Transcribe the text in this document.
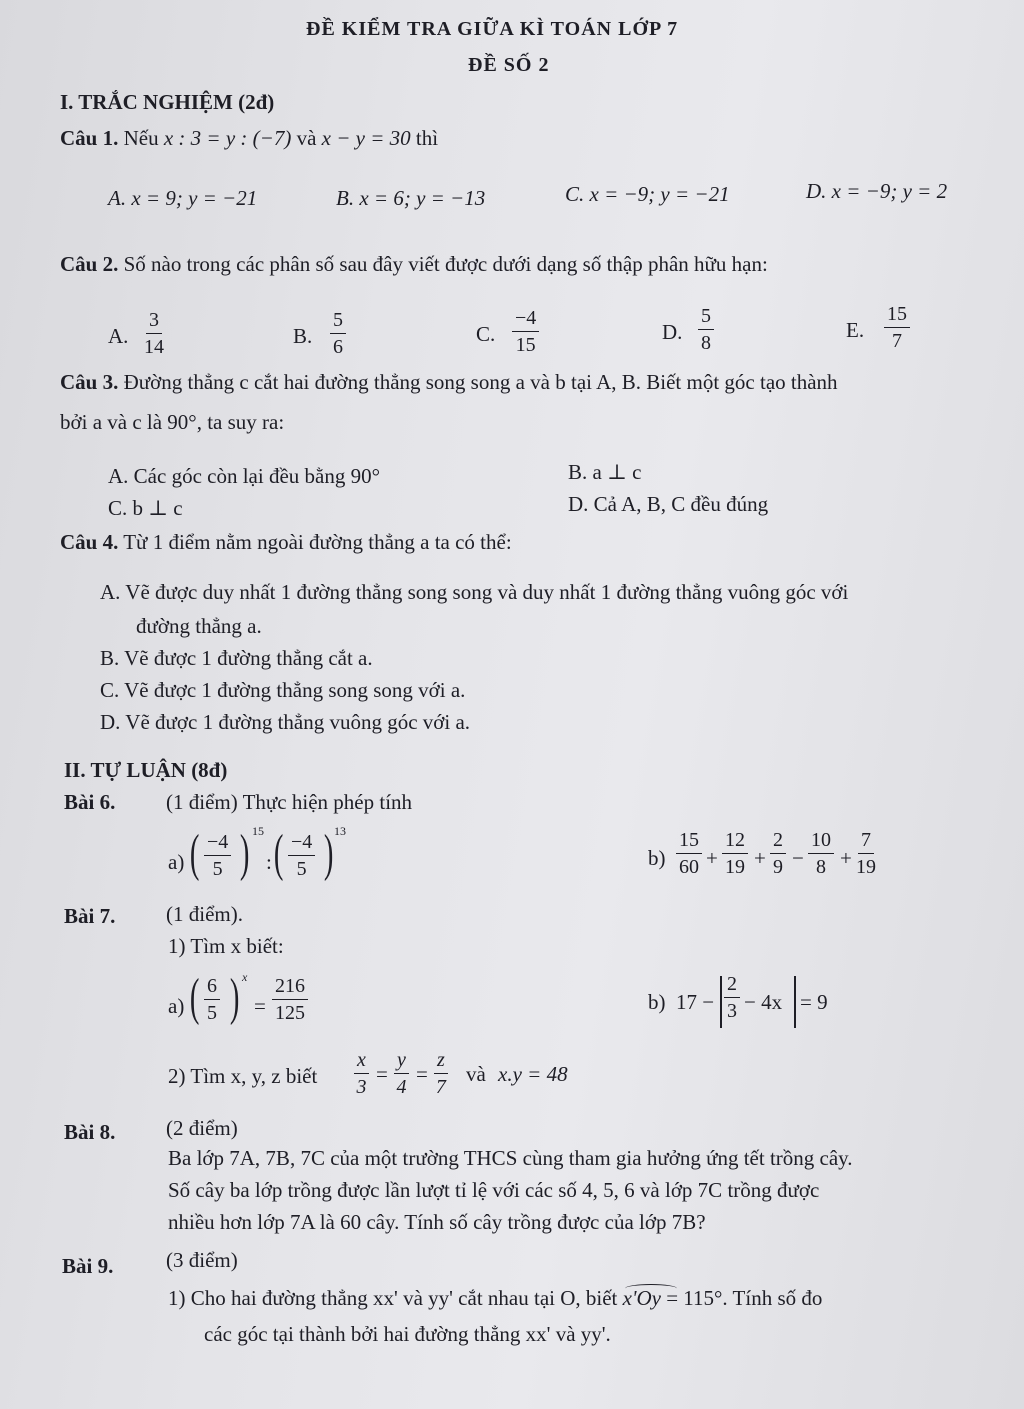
ĐỀ KIỂM TRA GIỮA KÌ TOÁN LỚP 7
ĐỀ SỐ 2
I. TRẮC NGHIỆM (2đ)
Câu 1. Nếu x : 3 = y : (−7) và x − y = 30 thì
A. x = 9; y = −21	B. x = 6; y = −13	C. x = −9; y = −21	D. x = −9; y = 2
Câu 2. Số nào trong các phân số sau đây viết được dưới dạng số thập phân hữu hạn:
A. $\frac{3}{14}$	B. $\frac{5}{6}$	C. $\frac{-4}{15}$	D. $\frac{5}{8}$	E. $\frac{15}{7}$
Câu 3. Đường thẳng c cắt hai đường thẳng song song a và b tại A, B. Biết một góc tạo thành
bởi a và c là 90°, ta suy ra:
A. Các góc còn lại đều bằng 90°	B. a ⊥ c
C. b ⊥ c	D. Cả A, B, C đều đúng
Câu 4. Từ 1 điểm nằm ngoài đường thẳng a ta có thể:
A. Vẽ được duy nhất 1 đường thẳng song song và duy nhất 1 đường thẳng vuông góc với
đường thẳng a.
B. Vẽ được 1 đường thẳng cắt a.
C. Vẽ được 1 đường thẳng song song với a.
D. Vẽ được 1 đường thẳng vuông góc với a.
II. TỰ LUẬN (8đ)
Bài 6. (1 điểm) Thực hiện phép tính
a) ( $\frac{-4}{5}$ ) 15
: ( $\frac{-4}{5}$ ) 13
$b) \frac{15}{60} + \frac{12}{19} + \frac{2}{9} - \frac{10}{8} + \frac{7}{19}$
Bài 7. (1 điểm).
1) Tìm x biết:
a) ( $\frac{6}{5}$ ) x
= $\frac{216}{125}$	b) $17 - \frac{2}{3} - 4x = 9$
2) Tìm x, y, z biết $\frac{x}{3} = \frac{y}{4} = \frac{z}{7}$ và x.y = 48
Bài 8. (2 điểm)
Ba lớp 7A, 7B, 7C của một trường THCS cùng tham gia hưởng ứng tết trồng cây.
Số cây ba lớp trồng được lần lượt tỉ lệ với các số 4, 5, 6 và lớp 7C trồng được
nhiều hơn lớp 7A là 60 cây. Tính số cây trồng được của lớp 7B?
Bài 9.	(3 điểm)
1) Cho hai đường thẳng xx' và yy' cắt nhau tại O, biết x'Oy = 115°. Tính số đo
các góc tại thành bởi hai đường thẳng xx' và yy'.
